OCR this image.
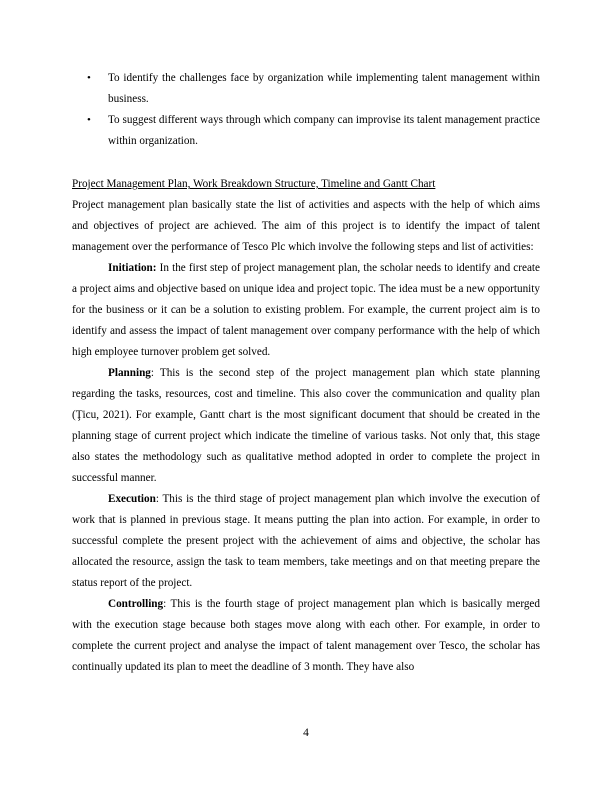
• To identify the challenges face by organization while implementing talent management within business.
• To suggest different ways through which company can improvise its talent management practice within organization.

Project Management Plan, Work Breakdown Structure, Timeline and Gantt Chart

Project management plan basically state the list of activities and aspects with the help of which aims and objectives of project are achieved. The aim of this project is to identify the impact of talent management over the performance of Tesco Plc which involve the following steps and list of activities:

Initiation: In the first step of project management plan, the scholar needs to identify and create a project aims and objective based on unique idea and project topic. The idea must be a new opportunity for the business or it can be a solution to existing problem. For example, the current project aim is to identify and assess the impact of talent management over company performance with the help of which high employee turnover problem get solved.

Planning: This is the second step of the project management plan which state planning regarding the tasks, resources, cost and timeline. This also cover the communication and quality plan (Ţicu, 2021). For example, Gantt chart is the most significant document that should be created in the planning stage of current project which indicate the timeline of various tasks. Not only that, this stage also states the methodology such as qualitative method adopted in order to complete the project in successful manner.

Execution: This is the third stage of project management plan which involve the execution of work that is planned in previous stage. It means putting the plan into action. For example, in order to successful complete the present project with the achievement of aims and objective, the scholar has allocated the resource, assign the task to team members, take meetings and on that meeting prepare the status report of the project.

Controlling: This is the fourth stage of project management plan which is basically merged with the execution stage because both stages move along with each other. For example, in order to complete the current project and analyse the impact of talent management over Tesco, the scholar has continually updated its plan to meet the deadline of 3 month. They have also

4
